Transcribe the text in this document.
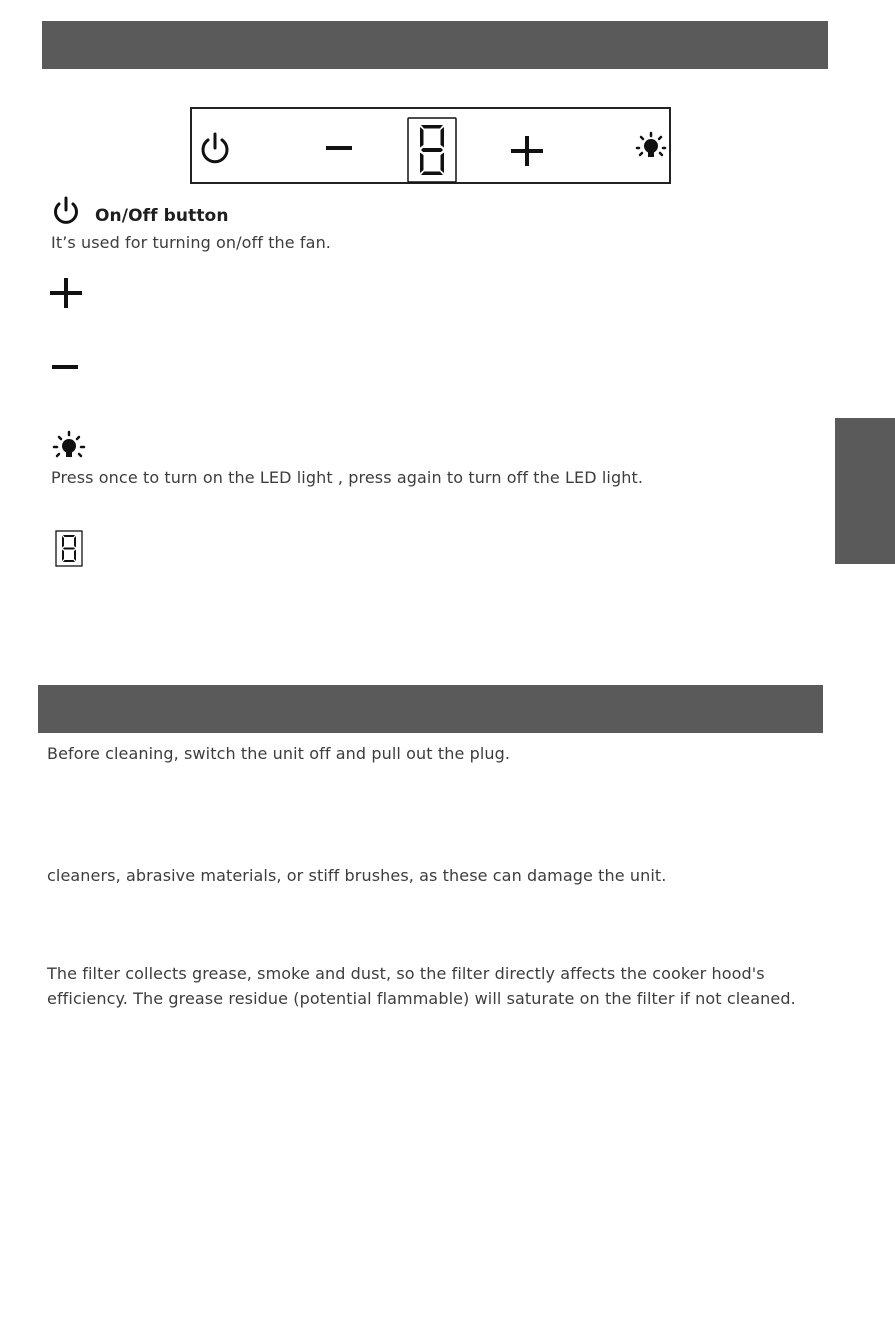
On/Off button
It’s used for turning on/off the fan.
Press once to turn on the LED light , press again to turn off the LED light.
Before cleaning, switch the unit off and pull out the plug.
cleaners, abrasive materials, or stiff brushes, as these can damage the unit.
The filter collects grease, smoke and dust, so the filter directly affects the cooker hood's
efficiency. The grease residue (potential flammable) will saturate on the filter if not cleaned.
